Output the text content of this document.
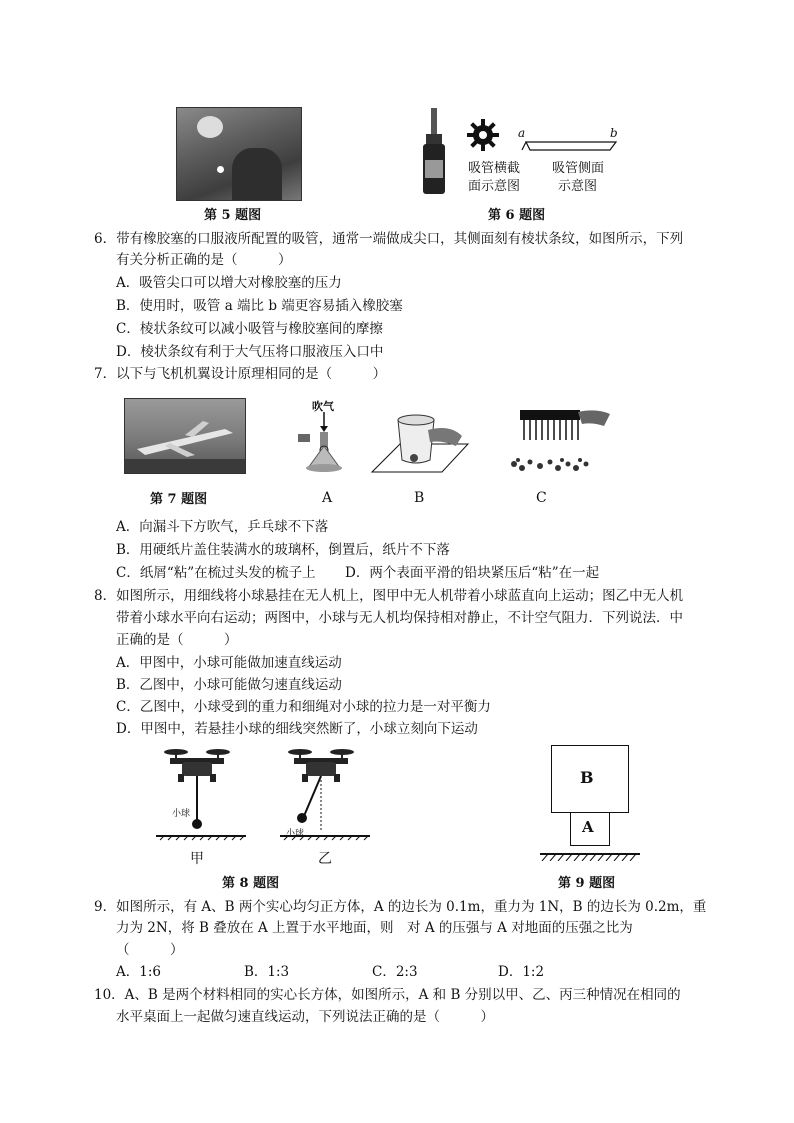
第 5 题图
吸管横截
面示意图
a	b
吸管侧面
示意图
第 6 题图
6．带有橡胶塞的口服液所配置的吸管，通常一端做成尖口，其侧面刻有棱状条纹，如图所示，下列
有关分析正确的是（　　　）
A．吸管尖口可以增大对橡胶塞的压力
B．使用时，吸管 a 端比 b 端更容易插入橡胶塞
C．棱状条纹可以减小吸管与橡胶塞间的摩擦
D．棱状条纹有利于大气压将口服液压入口中
7．以下与飞机机翼设计原理相同的是（　　　）
第 7 题图
吹气
A	B	C
A．向漏斗下方吹气，乒乓球不下落
B．用硬纸片盖住装满水的玻璃杯，倒置后，纸片不下落
C．纸屑“粘”在梳过头发的梳子上 D．两个表面平滑的铅块紧压后“粘”在一起
8．如图所示，用细线将小球悬挂在无人机上，图甲中无人机带着小球蓝直向上运动；图乙中无人机
带着小球水平向右运动；两图中，小球与无人机均保持相对静止，不计空气阻力．下列说法．中
正确的是（　　　）
A．甲图中，小球可能做加速直线运动
B．乙图中，小球可能做匀速直线运动
C．乙图中，小球受到的重力和细绳对小球的拉力是一对平衡力
D．甲图中，若悬挂小球的细线突然断了，小球立刻向下运动
小球
甲
小球
乙
第 8 题图
B
A
第 9 题图
9．如图所示，有 A、B 两个实心均匀正方体，A 的边长为 0.1m，重力为 1N，B 的边长为 0.2m，重
力为 2N，将 B 叠放在 A 上置于水平地面，则　对 A 的压强与 A 对地面的压强之比为
（　　　）
A．1:6	B．1:3	C．2:3	D．1:2
10．A、B 是两个材料相同的实心长方体，如图所示，A 和 B 分别以甲、乙、丙三种情况在相同的
水平桌面上一起做匀速直线运动，下列说法正确的是（　　　）
